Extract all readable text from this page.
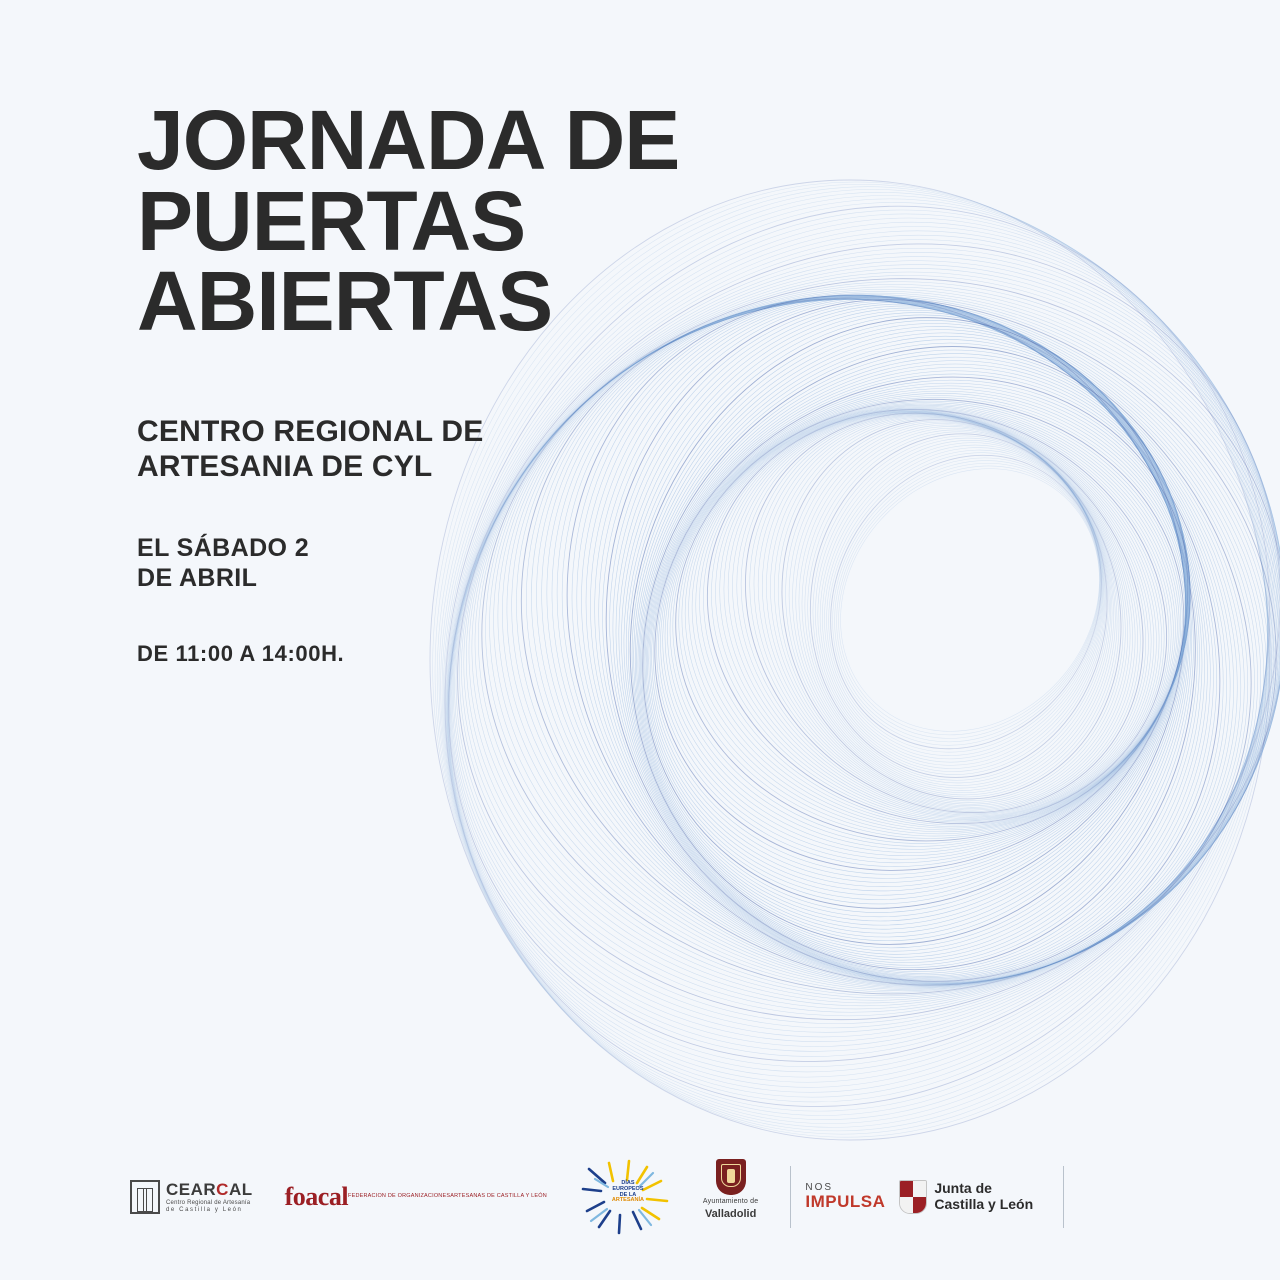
JORNADA DE
PUERTAS
ABIERTAS
CENTRO REGIONAL DE
ARTESANIA DE CYL
EL SÁBADO 2
DE ABRIL
DE 11:00 A 14:00H.
CEARCAL
Centro Regional de Artesanía
de Castilla y León	foacal FEDERACION DE ORGANIZACIONES ARTESANAS DE CASTILLA Y LEÓN
DÍAS
EUROPEOS
DE LA
ARTESANÍA	Ayuntamiento de
Valladolid
NOS
IMPULSA
Junta de
Castilla y León
